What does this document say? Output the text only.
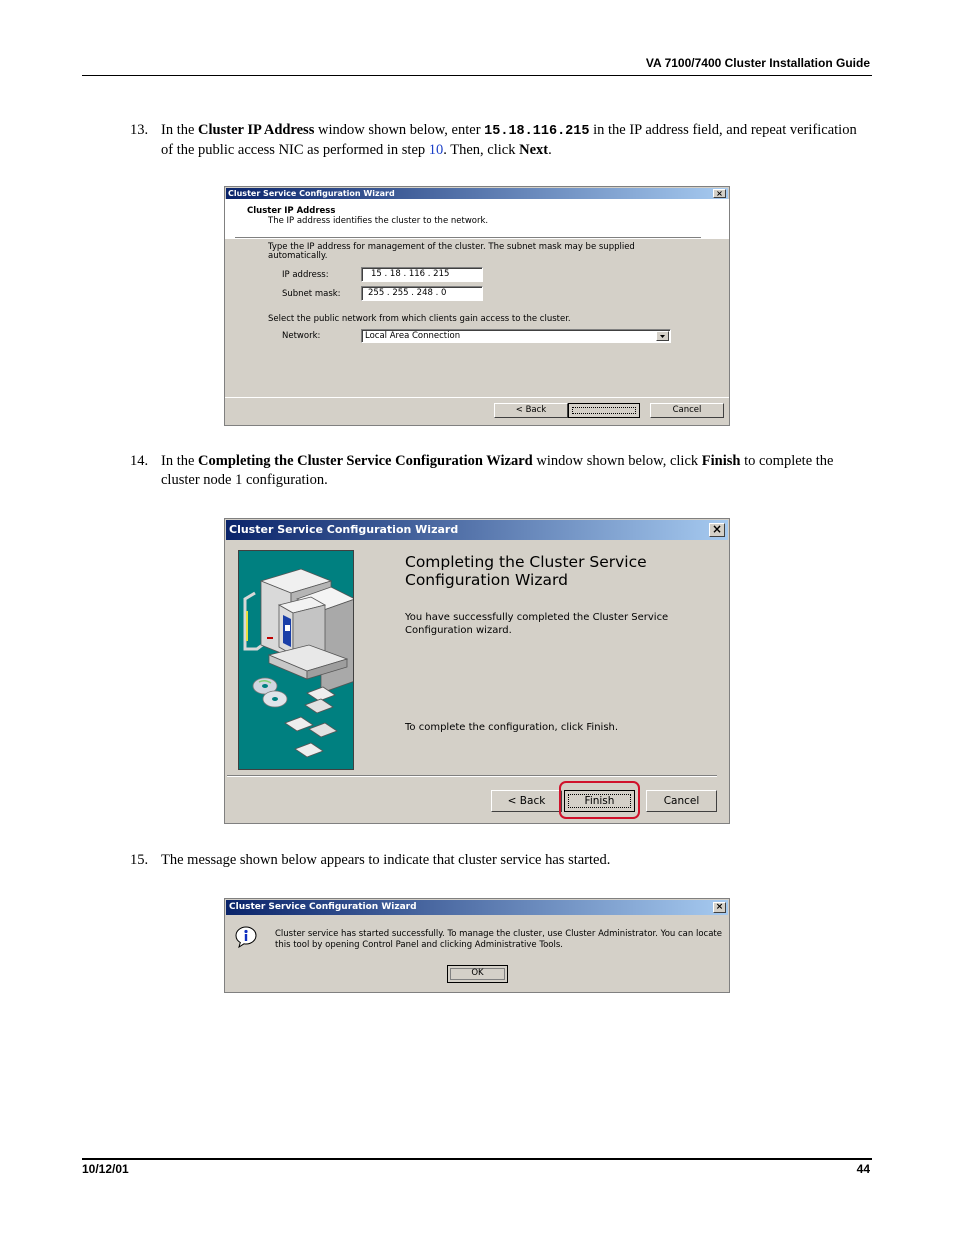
VA 7100/7400 Cluster Installation Guide
13. In the Cluster IP Address window shown below, enter 15.18.116.215 in the IP address field, and repeat verification of the public access NIC as performed in step 10. Then, click Next.
Cluster Service Configuration Wizard	×
Cluster IP Address
The IP address identifies the cluster to the network.
Type the IP address for management of the cluster. The subnet mask may be supplied automatically.
IP address:	15 . 18 . 116 . 215
Subnet mask:	255 . 255 . 248 . 0
Select the public network from which clients gain access to the cluster.
Network:	Local Area Connection
< Back	Cancel
14. In the Completing the Cluster Service Configuration Wizard window shown below, click Finish to complete the cluster node 1 configuration.
Cluster Service Configuration Wizard	×
Completing the Cluster Service Configuration Wizard
You have successfully completed the Cluster Service Configuration wizard.
To complete the configuration, click Finish.
< Back	Finish	Cancel
15. The message shown below appears to indicate that cluster service has started.
Cluster Service Configuration Wizard	×
Cluster service has started successfully. To manage the cluster, use Cluster Administrator. You can locate this tool by opening Control Panel and clicking Administrative Tools.
OK
10/12/01	44
